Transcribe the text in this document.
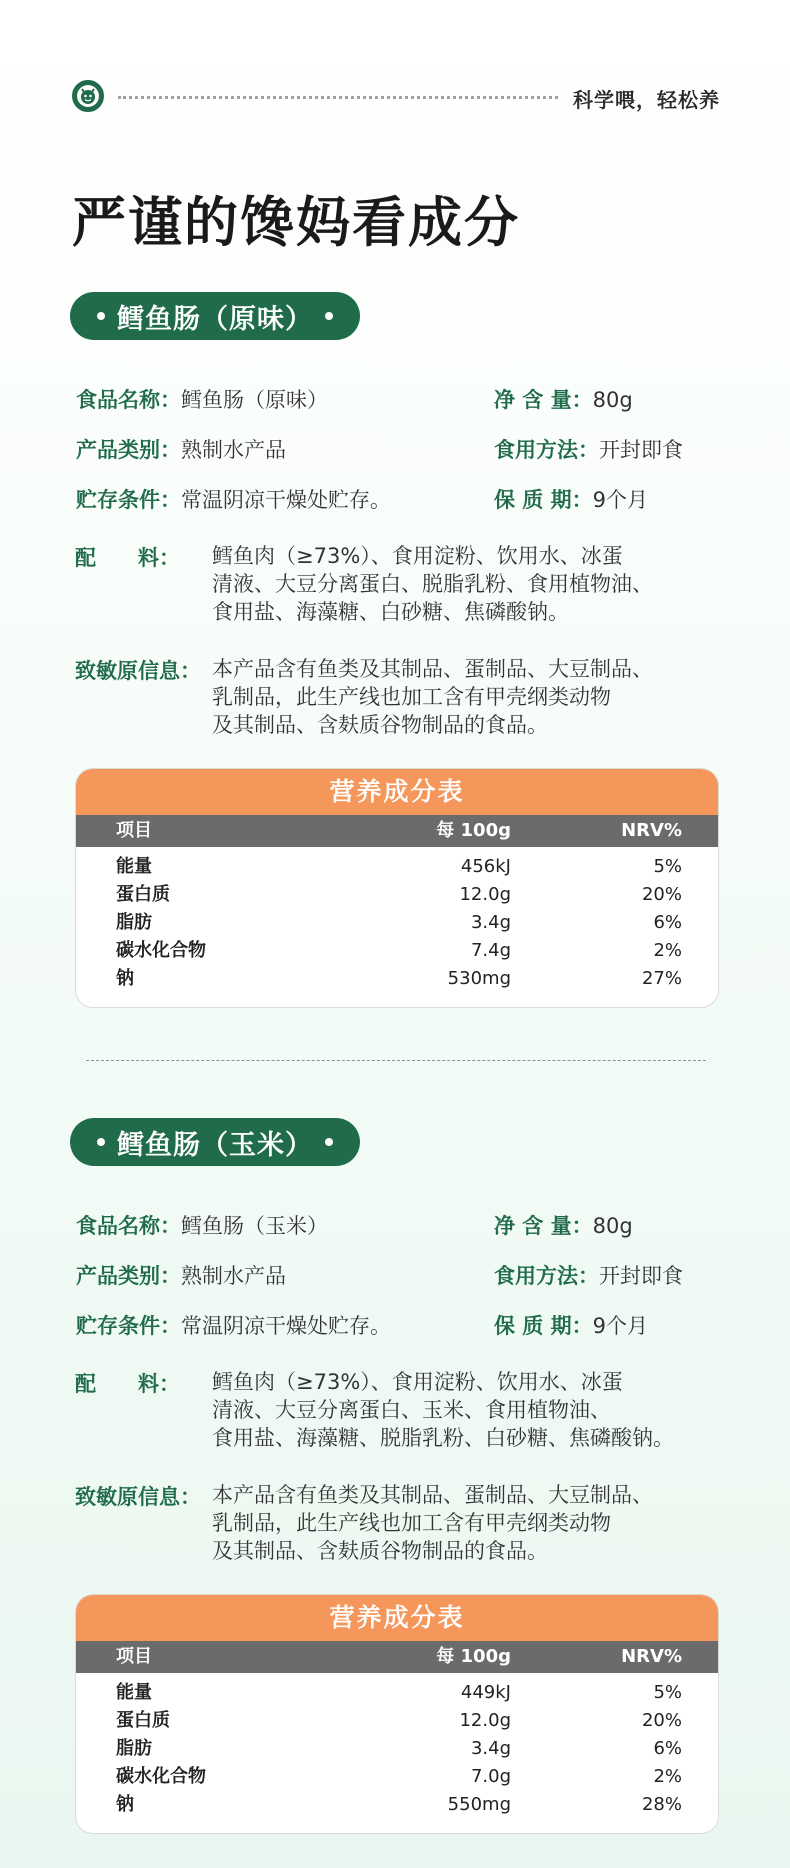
科学喂，轻松养
严谨的馋妈看成分
鳕鱼肠（原味）
食品名称：鳕鱼肠（原味）	净 含 量：80g
产品类别：熟制水产品	食用方法：开封即食
贮存条件：常温阴凉干燥处贮存。	保 质 期：9个月
配　　料： 鳕鱼肉（≥73%）、食用淀粉、饮用水、冰蛋
清液、大豆分离蛋白、脱脂乳粉、食用植物油、
食用盐、海藻糖、白砂糖、焦磷酸钠。
致敏原信息： 本产品含有鱼类及其制品、蛋制品、大豆制品、
乳制品，此生产线也加工含有甲壳纲类动物
及其制品、含麸质谷物制品的食品。
营养成分表
项目	每 100g	NRV%
能量	456kJ	5%
蛋白质	12.0g	20%
脂肪	3.4g	6%
碳水化合物	7.4g	2%
钠	530mg	27%
鳕鱼肠（玉米）
食品名称：鳕鱼肠（玉米）	净 含 量：80g
产品类别：熟制水产品	食用方法：开封即食
贮存条件：常温阴凉干燥处贮存。	保 质 期：9个月
配　　料： 鳕鱼肉（≥73%）、食用淀粉、饮用水、冰蛋
清液、大豆分离蛋白、玉米、食用植物油、
食用盐、海藻糖、脱脂乳粉、白砂糖、焦磷酸钠。
致敏原信息： 本产品含有鱼类及其制品、蛋制品、大豆制品、
乳制品，此生产线也加工含有甲壳纲类动物
及其制品、含麸质谷物制品的食品。
营养成分表
项目	每 100g	NRV%
能量	449kJ	5%
蛋白质	12.0g	20%
脂肪	3.4g	6%
碳水化合物	7.0g	2%
钠	550mg	28%
